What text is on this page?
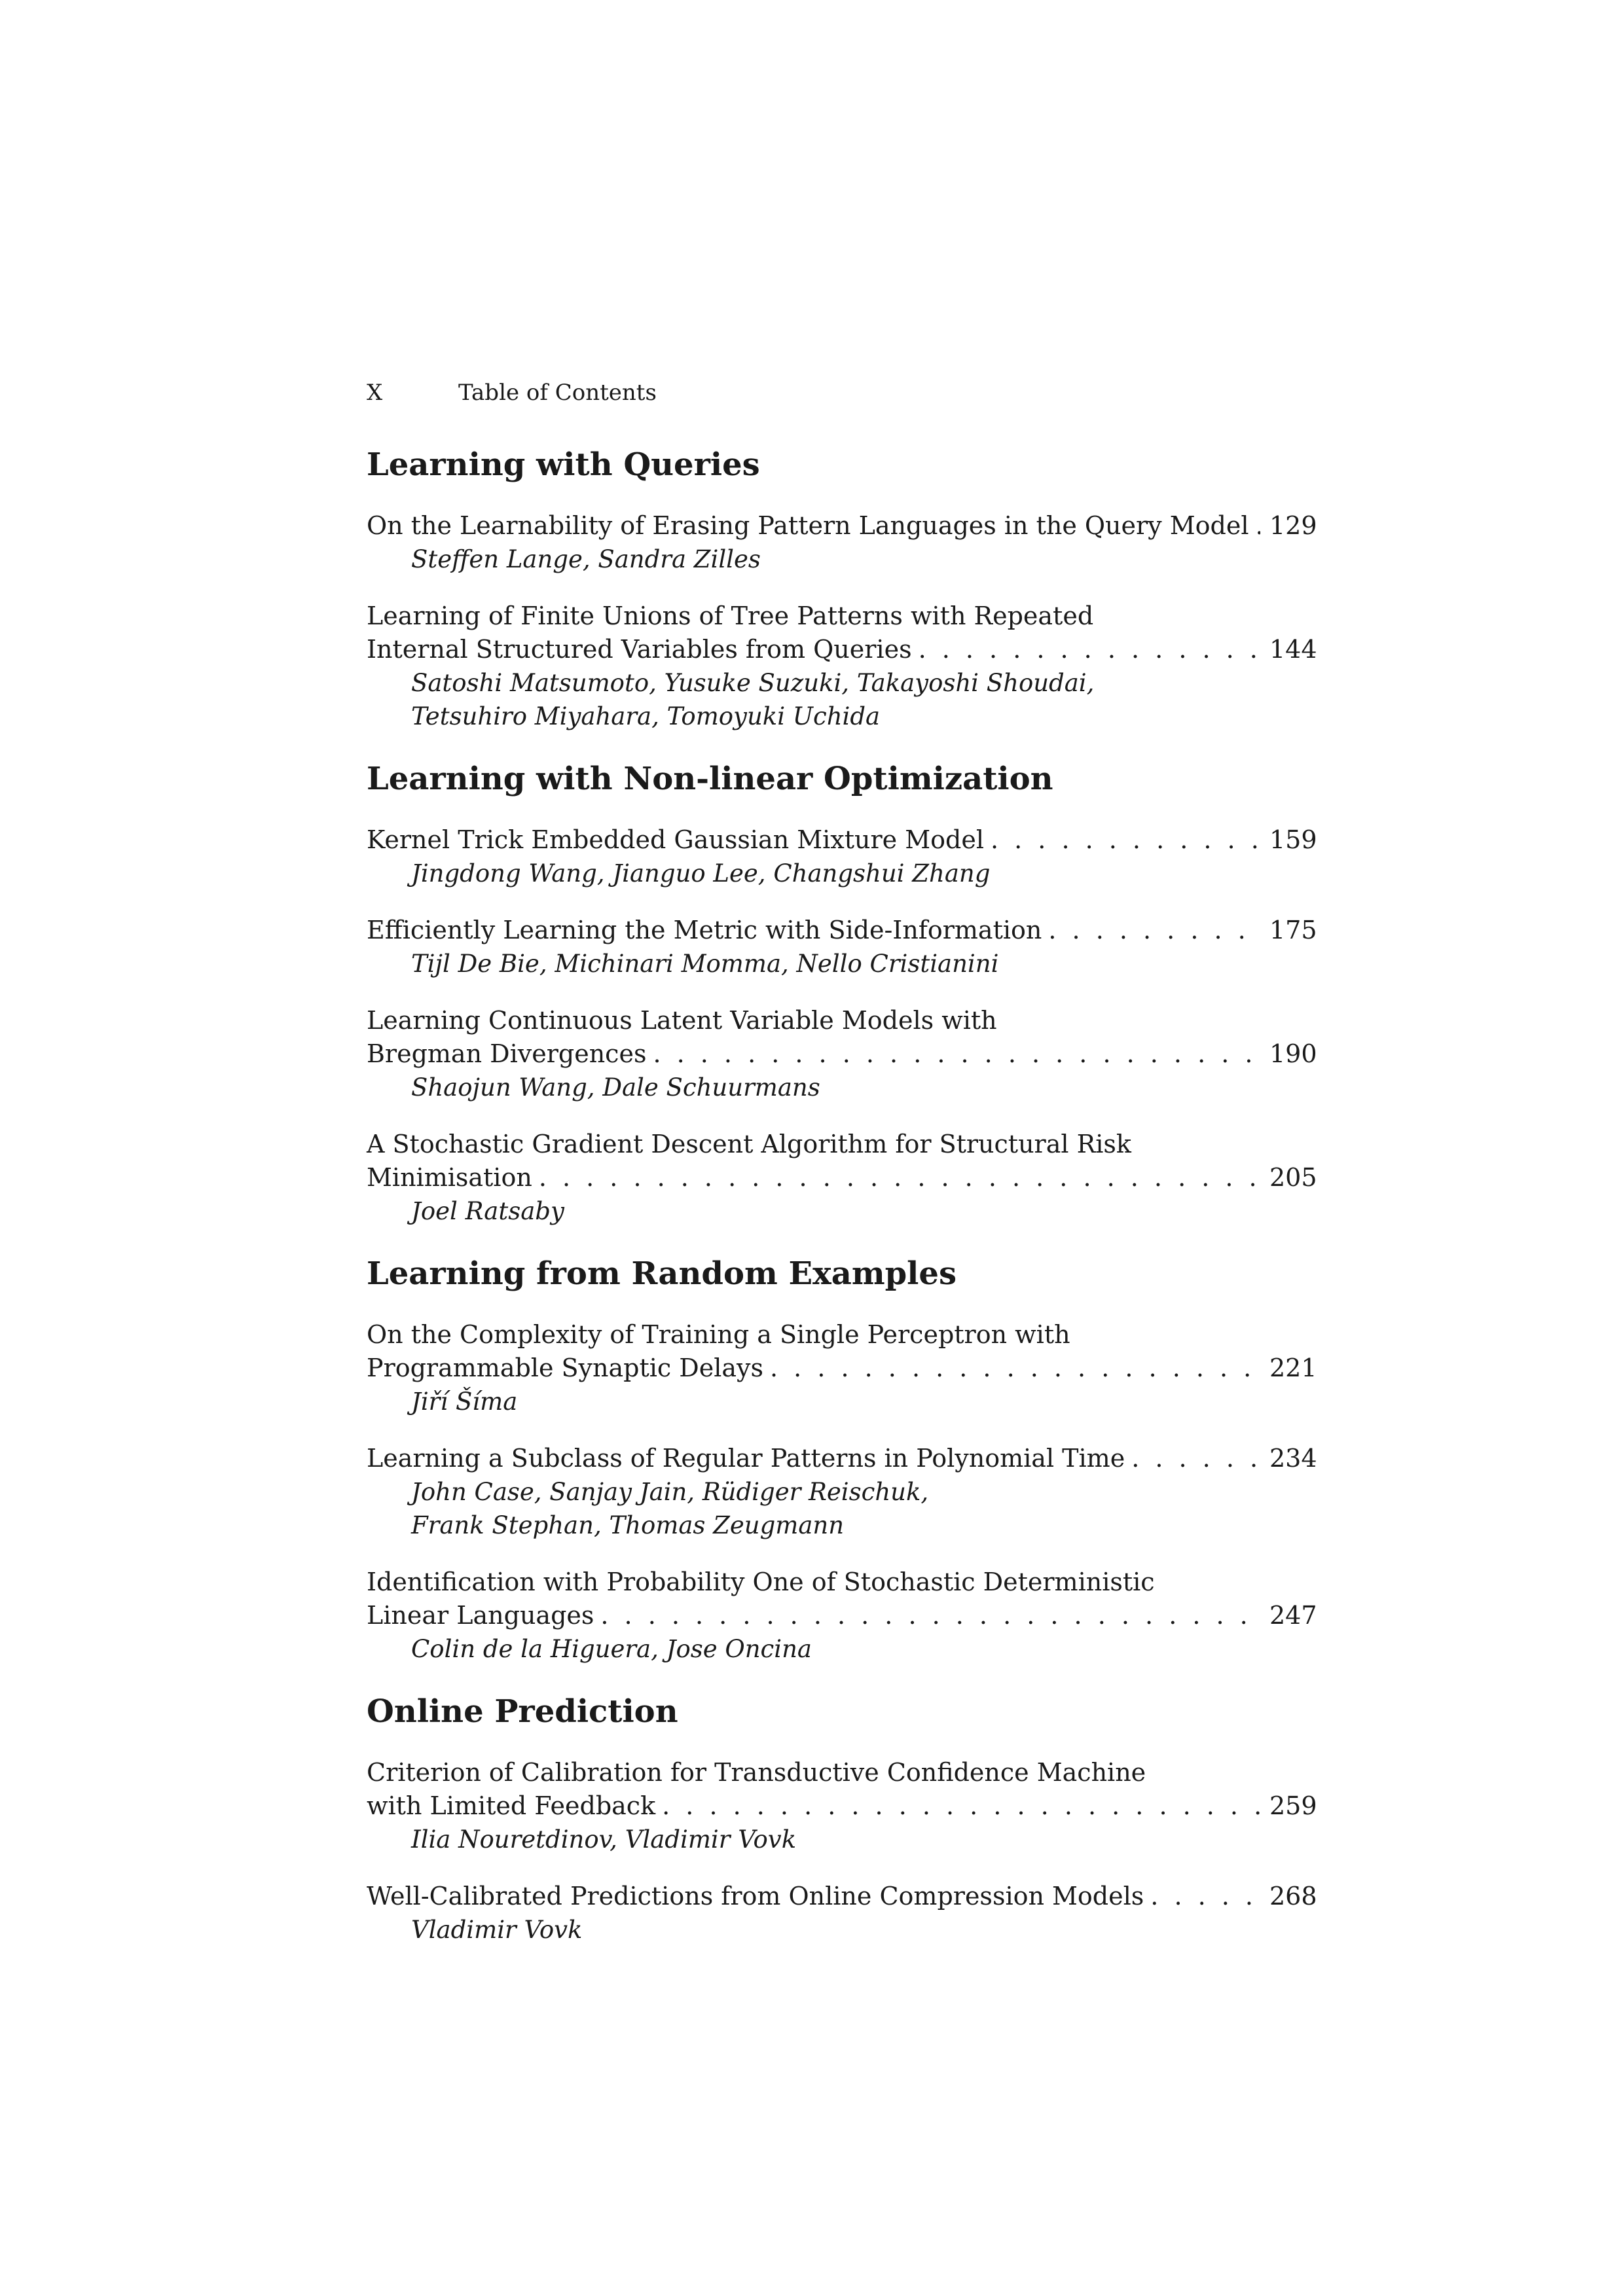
X	Table of Contents
Learning with Queries
On the Learnability of Erasing Pattern Languages in the Query Model . . . 129
Steffen Lange, Sandra Zilles
Learning of Finite Unions of Tree Patterns with Repeated
Internal Structured Variables from Queries . . .	144
Satoshi Matsumoto, Yusuke Suzuki, Takayoshi Shoudai,
Tetsuhiro Miyahara, Tomoyuki Uchida
Learning with Non-linear Optimization
Kernel Trick Embedded Gaussian Mixture Model . . .	159
Jingdong Wang, Jianguo Lee, Changshui Zhang
Efficiently Learning the Metric with Side-Information . . .	175
Tijl De Bie, Michinari Momma, Nello Cristianini
Learning Continuous Latent Variable Models with
Bregman Divergences . . .	190
Shaojun Wang, Dale Schuurmans
A Stochastic Gradient Descent Algorithm for Structural Risk
Minimisation . . .	205
Joel Ratsaby
Learning from Random Examples
On the Complexity of Training a Single Perceptron with
Programmable Synaptic Delays . . .	221
Jiří Šíma
Learning a Subclass of Regular Patterns in Polynomial Time . . .	234
John Case, Sanjay Jain, Rüdiger Reischuk,
Frank Stephan, Thomas Zeugmann
Identification with Probability One of Stochastic Deterministic
Linear Languages . . .	247
Colin de la Higuera, Jose Oncina
Online Prediction
Criterion of Calibration for Transductive Confidence Machine
with Limited Feedback . . .	259
Ilia Nouretdinov, Vladimir Vovk
Well-Calibrated Predictions from Online Compression Models . . .	268
Vladimir Vovk
